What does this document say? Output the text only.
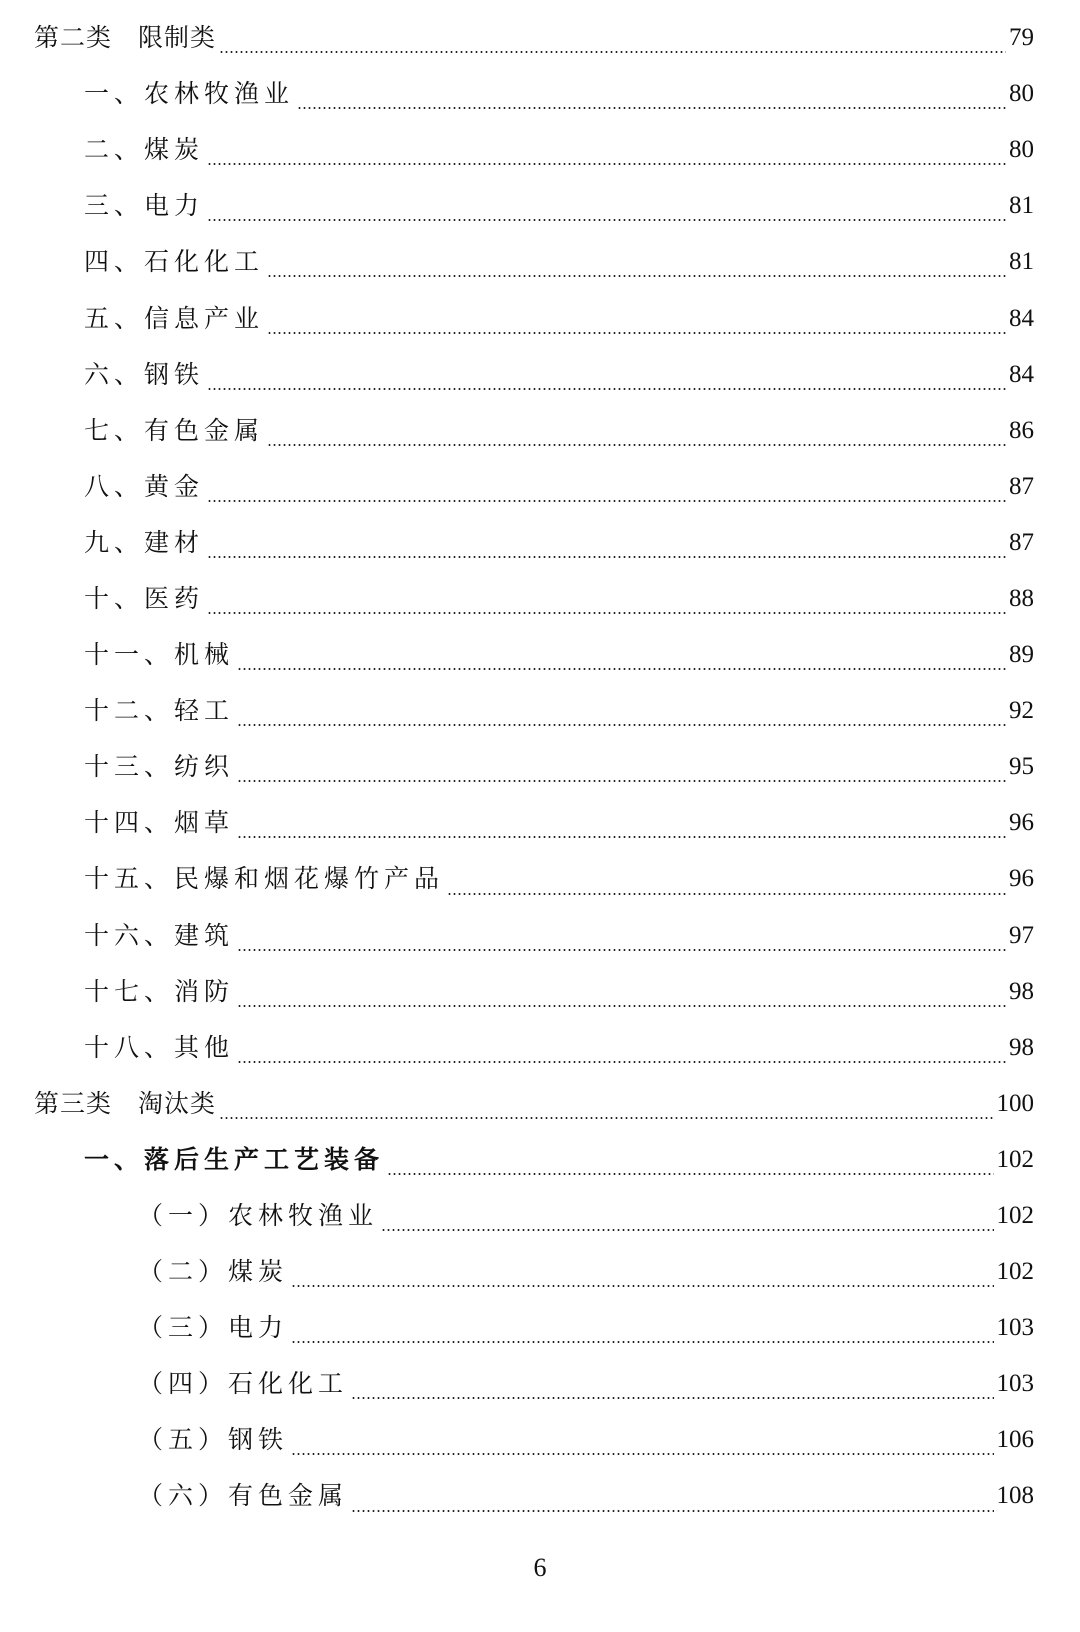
第二类　限制类	79
一、农林牧渔业	80
二、煤炭	80
三、电力	81
四、石化化工	81
五、信息产业	84
六、钢铁	84
七、有色金属	86
八、黄金	87
九、建材	87
十、医药	88
十一、机械	89
十二、轻工	92
十三、纺织	95
十四、烟草	96
十五、民爆和烟花爆竹产品	96
十六、建筑	97
十七、消防	98
十八、其他	98
第三类　淘汰类	100
一、落后生产工艺装备	102
（一）农林牧渔业	102
（二）煤炭	102
（三）电力	103
（四）石化化工	103
（五）钢铁	106
（六）有色金属	108
6
